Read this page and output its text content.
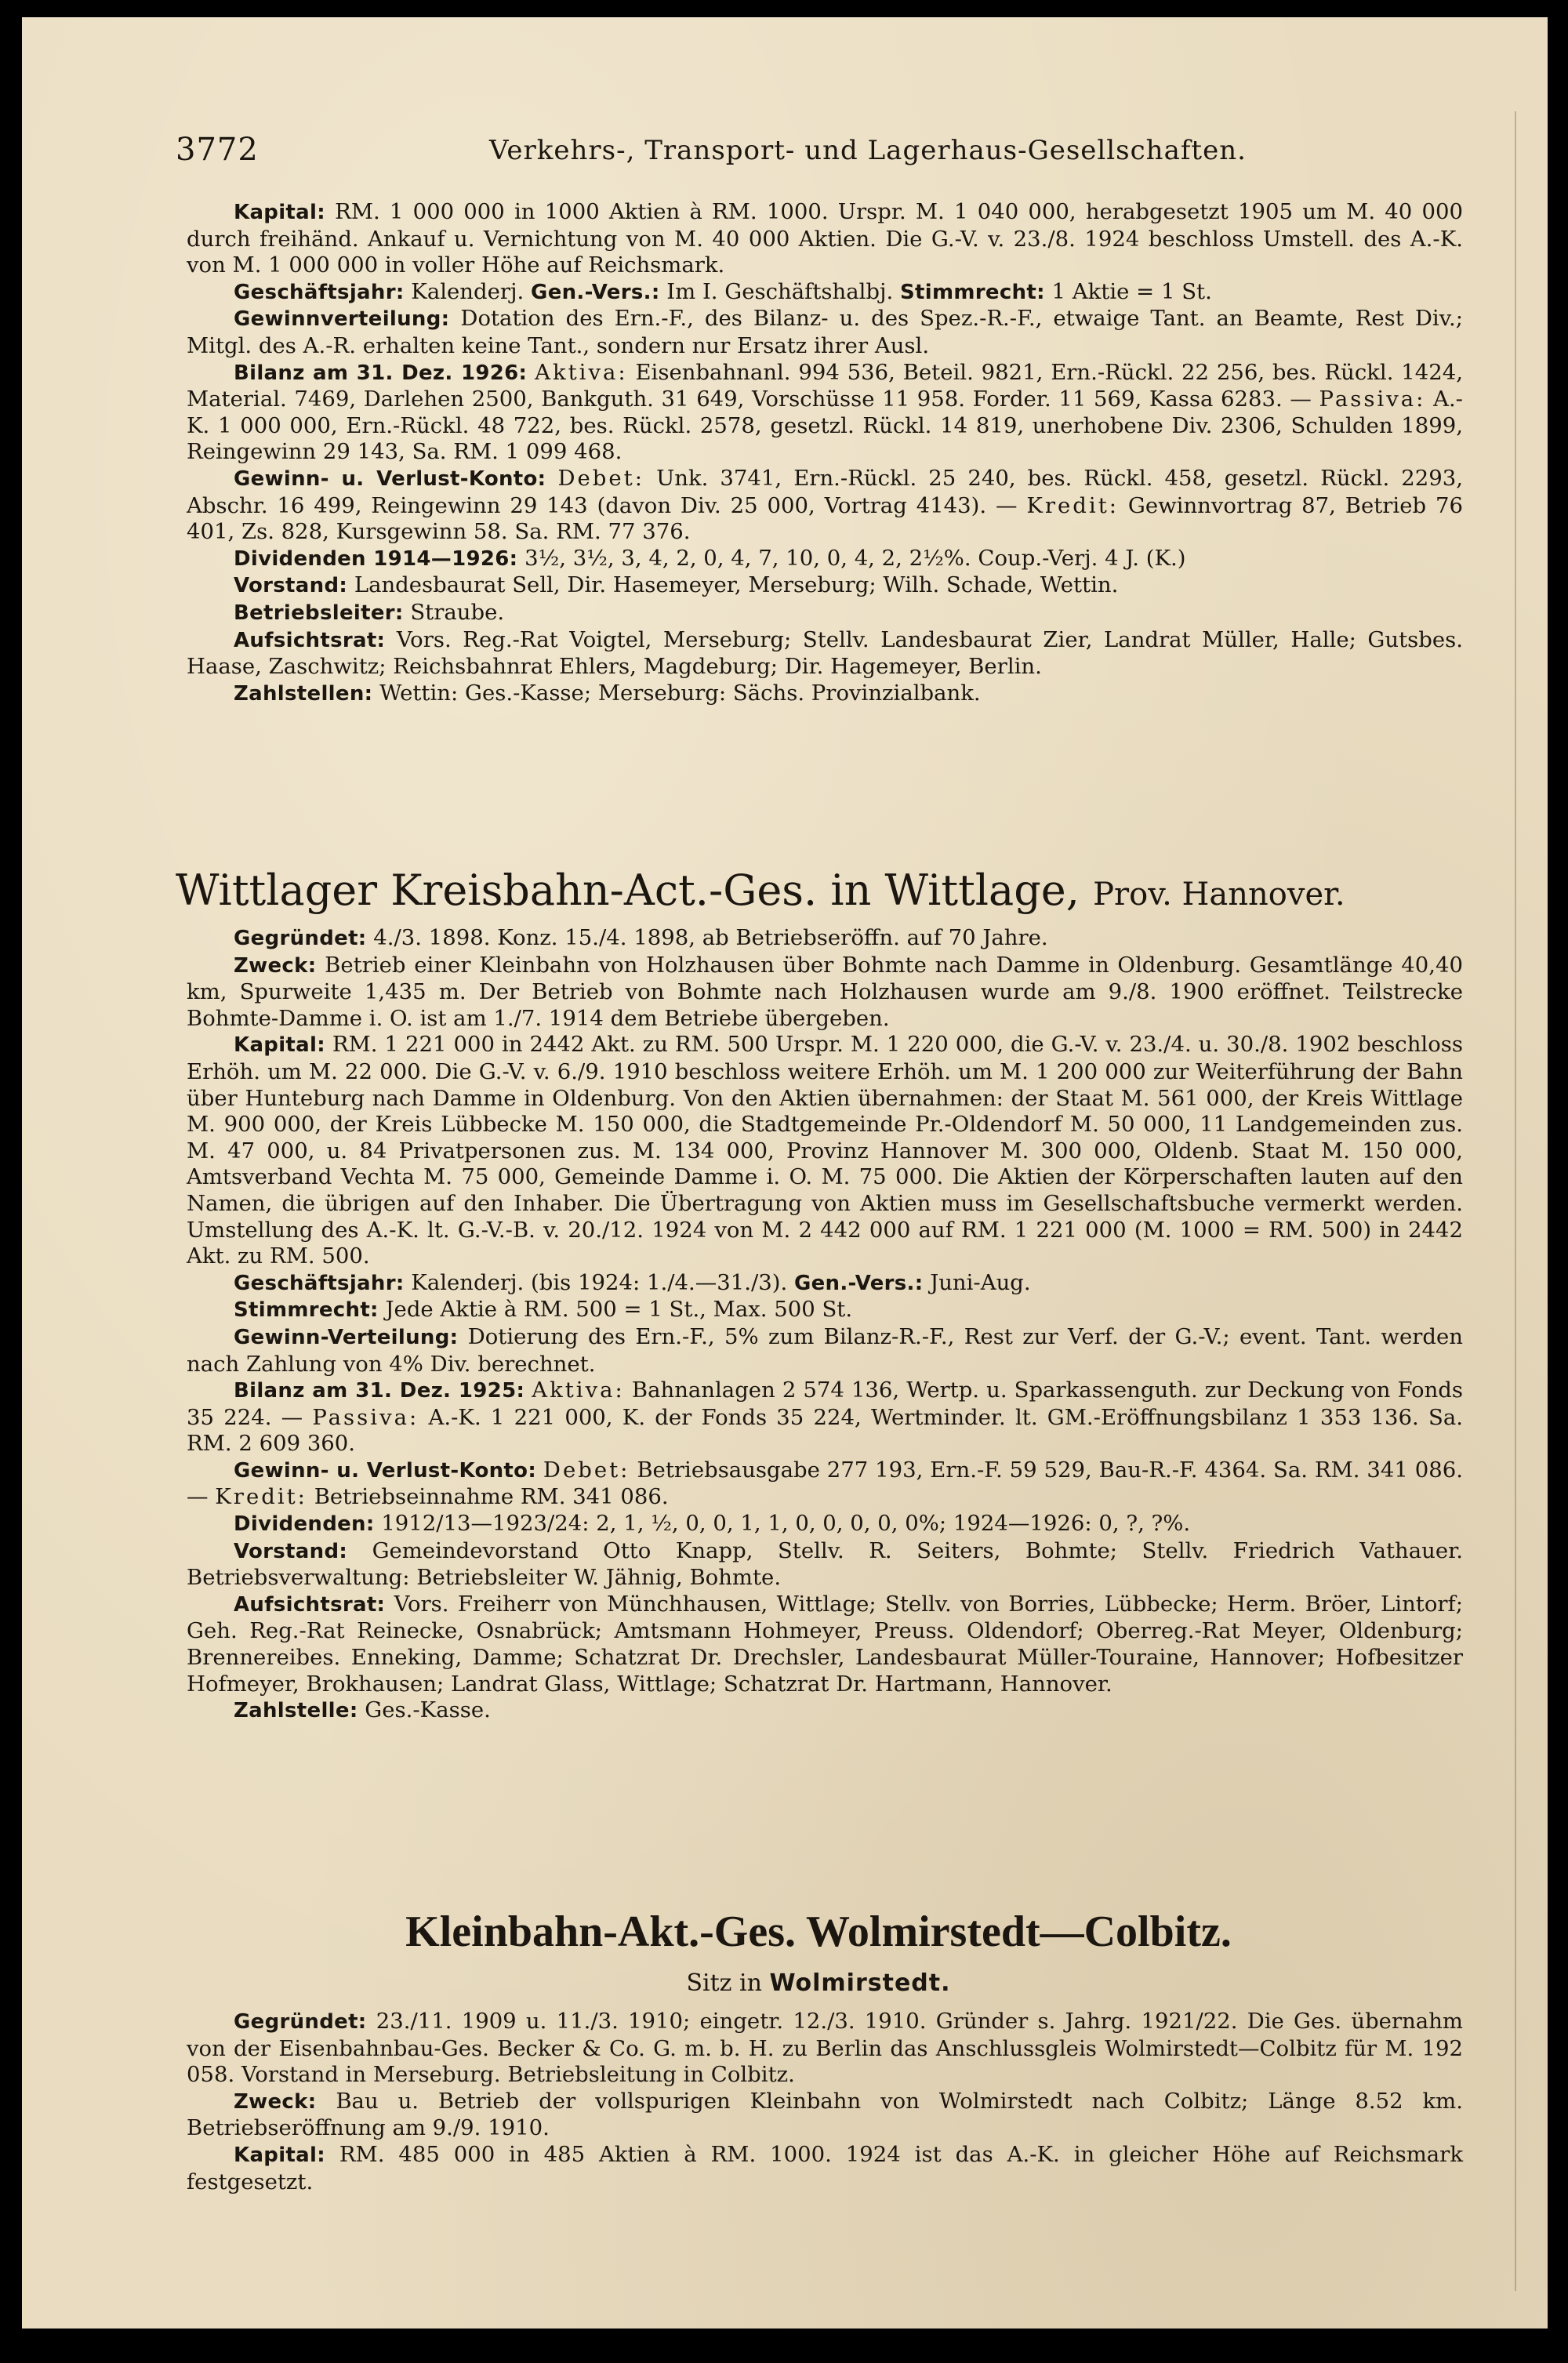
3772	Verkehrs-, Transport- und Lagerhaus-Gesellschaften.

Kapital: RM. 1 000 000 in 1000 Aktien à RM. 1000. Urspr. M. 1 040 000, herabgesetzt 1905 um M. 40 000 durch freihänd. Ankauf u. Vernichtung von M. 40 000 Aktien. Die G.-V. v. 23./8. 1924 beschloss Umstell. des A.-K. von M. 1 000 000 in voller Höhe auf Reichsmark.

Geschäftsjahr: Kalenderj. Gen.-Vers.: Im I. Geschäftshalbj. Stimmrecht: 1 Aktie = 1 St.

Gewinnverteilung: Dotation des Ern.-F., des Bilanz- u. des Spez.-R.-F., etwaige Tant. an Beamte, Rest Div.; Mitgl. des A.-R. erhalten keine Tant., sondern nur Ersatz ihrer Ausl.

Bilanz am 31. Dez. 1926: Aktiva: Eisenbahnanl. 994 536, Beteil. 9821, Ern.-Rückl. 22 256, bes. Rückl. 1424, Material. 7469, Darlehen 2500, Bankguth. 31 649, Vorschüsse 11 958. Forder. 11 569, Kassa 6283. — Passiva: A.-K. 1 000 000, Ern.-Rückl. 48 722, bes. Rückl. 2578, gesetzl. Rückl. 14 819, unerhobene Div. 2306, Schulden 1899, Reingewinn 29 143, Sa. RM. 1 099 468.

Gewinn- u. Verlust-Konto: Debet: Unk. 3741, Ern.-Rückl. 25 240, bes. Rückl. 458, gesetzl. Rückl. 2293, Abschr. 16 499, Reingewinn 29 143 (davon Div. 25 000, Vortrag 4143). — Kredit: Gewinnvortrag 87, Betrieb 76 401, Zs. 828, Kursgewinn 58. Sa. RM. 77 376.

Dividenden 1914—1926: 3½, 3½, 3, 4, 2, 0, 4, 7, 10, 0, 4, 2, 2½%. Coup.-Verj. 4 J. (K.)

Vorstand: Landesbaurat Sell, Dir. Hasemeyer, Merseburg; Wilh. Schade, Wettin.

Betriebsleiter: Straube.

Aufsichtsrat: Vors. Reg.-Rat Voigtel, Merseburg; Stellv. Landesbaurat Zier, Landrat Müller, Halle; Gutsbes. Haase, Zaschwitz; Reichsbahnrat Ehlers, Magdeburg; Dir. Hagemeyer, Berlin.

Zahlstellen: Wettin: Ges.-Kasse; Merseburg: Sächs. Provinzialbank.

Wittlager Kreisbahn-Act.-Ges. in Wittlage, Prov. Hannover.

Gegründet: 4./3. 1898. Konz. 15./4. 1898, ab Betriebseröffn. auf 70 Jahre.

Zweck: Betrieb einer Kleinbahn von Holzhausen über Bohmte nach Damme in Oldenburg. Gesamtlänge 40,40 km, Spurweite 1,435 m. Der Betrieb von Bohmte nach Holzhausen wurde am 9./8. 1900 eröffnet. Teilstrecke Bohmte-Damme i. O. ist am 1./7. 1914 dem Betriebe übergeben.

Kapital: RM. 1 221 000 in 2442 Akt. zu RM. 500 Urspr. M. 1 220 000, die G.-V. v. 23./4. u. 30./8. 1902 beschloss Erhöh. um M. 22 000. Die G.-V. v. 6./9. 1910 beschloss weitere Erhöh. um M. 1 200 000 zur Weiterführung der Bahn über Hunteburg nach Damme in Oldenburg. Von den Aktien übernahmen: der Staat M. 561 000, der Kreis Wittlage M. 900 000, der Kreis Lübbecke M. 150 000, die Stadtgemeinde Pr.-Oldendorf M. 50 000, 11 Landgemeinden zus. M. 47 000, u. 84 Privatpersonen zus. M. 134 000, Provinz Hannover M. 300 000, Oldenb. Staat M. 150 000, Amtsverband Vechta M. 75 000, Gemeinde Damme i. O. M. 75 000. Die Aktien der Körperschaften lauten auf den Namen, die übrigen auf den Inhaber. Die Übertragung von Aktien muss im Gesellschaftsbuche vermerkt werden. Umstellung des A.-K. lt. G.-V.-B. v. 20./12. 1924 von M. 2 442 000 auf RM. 1 221 000 (M. 1000 = RM. 500) in 2442 Akt. zu RM. 500.

Geschäftsjahr: Kalenderj. (bis 1924: 1./4.—31./3). Gen.-Vers.: Juni-Aug.

Stimmrecht: Jede Aktie à RM. 500 = 1 St., Max. 500 St.

Gewinn-Verteilung: Dotierung des Ern.-F., 5% zum Bilanz-R.-F., Rest zur Verf. der G.-V.; event. Tant. werden nach Zahlung von 4% Div. berechnet.

Bilanz am 31. Dez. 1925: Aktiva: Bahnanlagen 2 574 136, Wertp. u. Sparkassenguth. zur Deckung von Fonds 35 224. — Passiva: A.-K. 1 221 000, K. der Fonds 35 224, Wertminder. lt. GM.-Eröffnungsbilanz 1 353 136. Sa. RM. 2 609 360.

Gewinn- u. Verlust-Konto: Debet: Betriebsausgabe 277 193, Ern.-F. 59 529, Bau-R.-F. 4364. Sa. RM. 341 086. — Kredit: Betriebseinnahme RM. 341 086.

Dividenden: 1912/13—1923/24: 2, 1, ½, 0, 0, 1, 1, 0, 0, 0, 0, 0%; 1924—1926: 0, ?, ?%.

Vorstand: Gemeindevorstand Otto Knapp, Stellv. R. Seiters, Bohmte; Stellv. Friedrich Vathauer. Betriebsverwaltung: Betriebsleiter W. Jähnig, Bohmte.

Aufsichtsrat: Vors. Freiherr von Münchhausen, Wittlage; Stellv. von Borries, Lübbecke; Herm. Bröer, Lintorf; Geh. Reg.-Rat Reinecke, Osnabrück; Amtsmann Hohmeyer, Preuss. Oldendorf; Oberreg.-Rat Meyer, Oldenburg; Brennereibes. Enneking, Damme; Schatzrat Dr. Drechsler, Landesbaurat Müller-Touraine, Hannover; Hofbesitzer Hofmeyer, Brokhausen; Landrat Glass, Wittlage; Schatzrat Dr. Hartmann, Hannover.

Zahlstelle: Ges.-Kasse.

Kleinbahn-Akt.-Ges. Wolmirstedt—Colbitz.
Sitz in Wolmirstedt.

Gegründet: 23./11. 1909 u. 11./3. 1910; eingetr. 12./3. 1910. Gründer s. Jahrg. 1921/22. Die Ges. übernahm von der Eisenbahnbau-Ges. Becker & Co. G. m. b. H. zu Berlin das Anschlussgleis Wolmirstedt—Colbitz für M. 192 058. Vorstand in Merseburg. Betriebsleitung in Colbitz.

Zweck: Bau u. Betrieb der vollspurigen Kleinbahn von Wolmirstedt nach Colbitz; Länge 8.52 km. Betriebseröffnung am 9./9. 1910.

Kapital: RM. 485 000 in 485 Aktien à RM. 1000. 1924 ist das A.-K. in gleicher Höhe auf Reichsmark festgesetzt.
